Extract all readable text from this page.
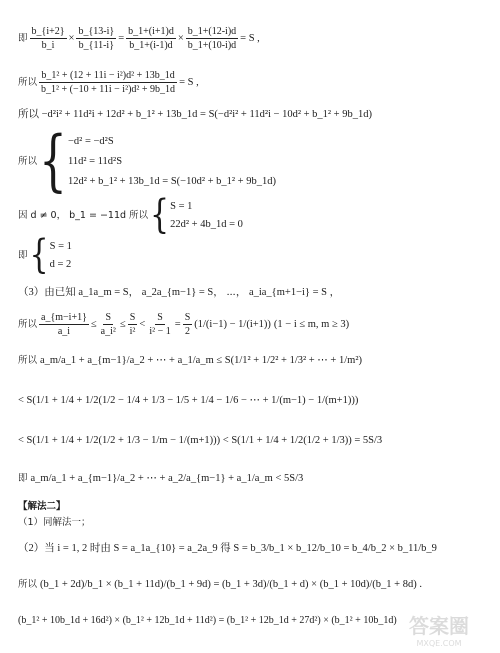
即 $\frac{b\_\{i+2\}}{b\_i} \times \frac{b\_\{13-i\}}{b\_\{11-i\}} = \frac{b\_1+(i+1)d}{b\_1+(i-1)d} \times \frac{b\_1+(12-i)d}{b\_1+(10-i)d} = S$ ,
所以 $\frac{\text{b\_1² + (12 + 11i − i²)d² + 13b\_1d}}{\text{b\_1² + (−10 + 11i − i²)d² + 9b\_1d}} = S$ ,
所以 −d²i² + 11d²i + 12d² + b_1² + 13b_1d = S(−d²i² + 11d²i − 10d² + b_1² + 9b_1d)
所以 { −d² = −d²S
11d² = 11d²S
12d² + b_1² + 13b_1d = S(−10d² + b_1² + 9b_1d)
因 d ≠ 0， b_1 = −11d 所以 { S = 1
22d² + 4b_1d = 0
即 { S = 1
d = 2
（3）由已知 a_1a_m = S， a_2a_{m−1} = S， ⋯， a_ia_{m+1−i} = S ，
所以 $\frac{a\_\{m-i+1\}}{a\_i} \le \frac{S}{\text{a\_i²}} \le \frac{S}{\text{i²}} < \frac{S}{\text{i² − 1}} = \frac{S}{2}$ ( 1/(i−1) − 1/(i+1) ) (1 − i ≤ m, m ≥ 3)
所以 a_m/a_1 + a_{m−1}/a_2 + ⋯ + a_1/a_m ≤ S(1/1² + 1/2² + 1/3² + ⋯ + 1/m²)
< S(1/1 + 1/4 + 1/2(1/2 − 1/4 + 1/3 − 1/5 + 1/4 − 1/6 − ⋯ + 1/(m−1) − 1/(m+1)))
< S(1/1 + 1/4 + 1/2(1/2 + 1/3 − 1/m − 1/(m+1))) < S(1/1 + 1/4 + 1/2(1/2 + 1/3)) = 5S/3
即 a_m/a_1 + a_{m−1}/a_2 + ⋯ + a_2/a_{m−1} + a_1/a_m < 5S/3
【解法二】
（1）同解法一；
（2）当 i = 1, 2 时由 S = a_1a_{10} = a_2a_9 得 S = b_3/b_1 × b_12/b_10 = b_4/b_2 × b_11/b_9
所以 (b_1 + 2d)/b_1 × (b_1 + 11d)/(b_1 + 9d) = (b_1 + 3d)/(b_1 + d) × (b_1 + 10d)/(b_1 + 8d) .
(b_1² + 10b_1d + 16d²) × (b_1² + 12b_1d + 11d²) = (b_1² + 12b_1d + 27d²) × (b_1² + 10b_1d) 答案圈
MXQE.COM
